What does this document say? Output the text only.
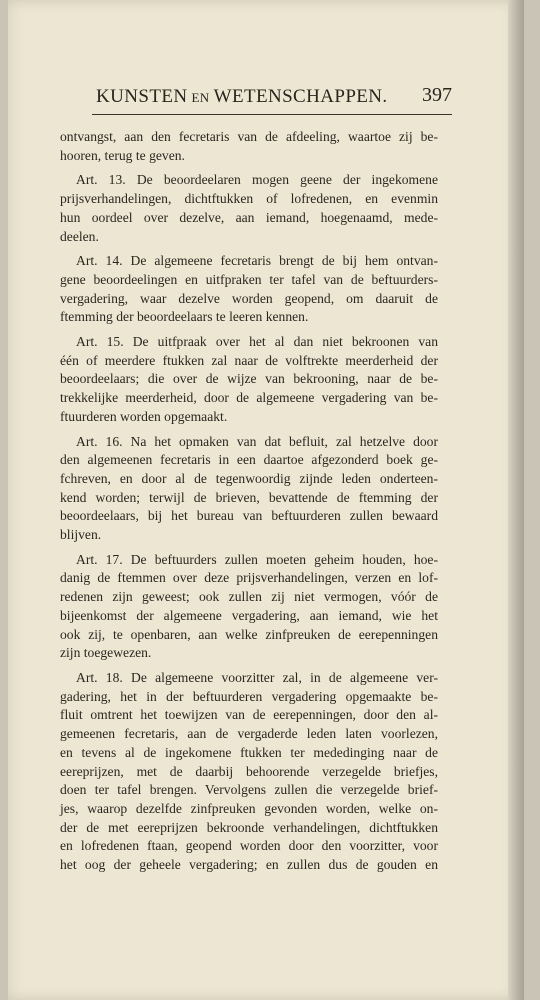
KUNSTEN EN WETENSCHAPPEN. 397
ontvangst, aan den fecretaris van de afdeeling, waartoe zij be-
hooren, terug te geven.
Art. 13. De beoordeelaren mogen geene der ingekomene
prijsverhandelingen, dichtftukken of lofredenen, en evenmin
hun oordeel over dezelve, aan iemand, hoegenaamd, mede-
deelen.
Art. 14. De algemeene fecretaris brengt de bij hem ontvan-
gene beoordeelingen en uitfpraken ter tafel van de beftuurders-
vergadering, waar dezelve worden geopend, om daaruit de
ftemming der beoordeelaars te leeren kennen.
Art. 15. De uitfpraak over het al dan niet bekroonen van
één of meerdere ftukken zal naar de volftrekte meerderheid der
beoordeelaars; die over de wijze van bekrooning, naar de be-
trekkelijke meerderheid, door de algemeene vergadering van be-
ftuurderen worden opgemaakt.
Art. 16. Na het opmaken van dat befluit, zal hetzelve door
den algemeenen fecretaris in een daartoe afgezonderd boek ge-
fchreven, en door al de tegenwoordig zijnde leden onderteen-
kend worden; terwijl de brieven, bevattende de ftemming der
beoordeelaars, bij het bureau van beftuurderen zullen bewaard
blijven.
Art. 17. De beftuurders zullen moeten geheim houden, hoe-
danig de ftemmen over deze prijsverhandelingen, verzen en lof-
redenen zijn geweest; ook zullen zij niet vermogen, vóór de
bijeenkomst der algemeene vergadering, aan iemand, wie het
ook zij, te openbaren, aan welke zinfpreuken de eerepenningen
zijn toegewezen.
Art. 18. De algemeene voorzitter zal, in de algemeene ver-
gadering, het in der beftuurderen vergadering opgemaakte be-
fluit omtrent het toewijzen van de eerepenningen, door den al-
gemeenen fecretaris, aan de vergaderde leden laten voorlezen,
en tevens al de ingekomene ftukken ter mededinging naar de
eereprijzen, met de daarbij behoorende verzegelde briefjes,
doen ter tafel brengen. Vervolgens zullen die verzegelde brief-
jes, waarop dezelfde zinfpreuken gevonden worden, welke on-
der de met eereprijzen bekroonde verhandelingen, dichtftukken
en lofredenen ftaan, geopend worden door den voorzitter, voor
het oog der geheele vergadering; en zullen dus de gouden en
